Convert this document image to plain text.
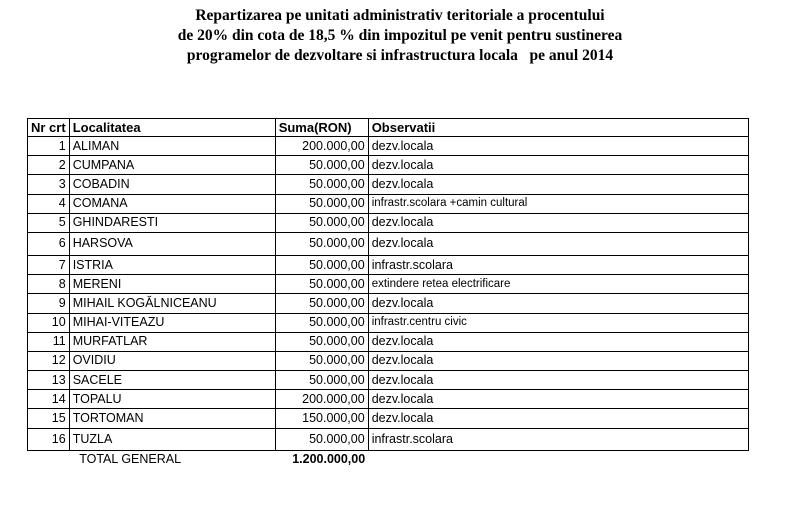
Repartizarea pe unitati administrativ teritoriale a procentului
de 20% din cota de 18,5 % din impozitul pe venit pentru sustinerea
programelor de dezvoltare si infrastructura locala   pe anul 2014
Nr crt	Localitatea	Suma(RON)	Observatii
1	ALIMAN	200.000,00	dezv.locala
2	CUMPANA	50.000,00	dezv.locala
3	COBADIN	50.000,00	dezv.locala
4	COMANA	50.000,00	infrastr.scolara +camin cultural
5	GHINDARESTI	50.000,00	dezv.locala
6	HARSOVA	50.000,00	dezv.locala
7	ISTRIA	50.000,00	infrastr.scolara
8	MERENI	50.000,00	extindere retea electrificare
9	MIHAIL KOGĂLNICEANU	50.000,00	dezv.locala
10	MIHAI-VITEAZU	50.000,00	infrastr.centru civic
11	MURFATLAR	50.000,00	dezv.locala
12	OVIDIU	50.000,00	dezv.locala
13	SACELE	50.000,00	dezv.locala
14	TOPALU	200.000,00	dezv.locala
15	TORTOMAN	150.000,00	dezv.locala
16	TUZLA	50.000,00	infrastr.scolara
	TOTAL GENERAL	1.200.000,00	
